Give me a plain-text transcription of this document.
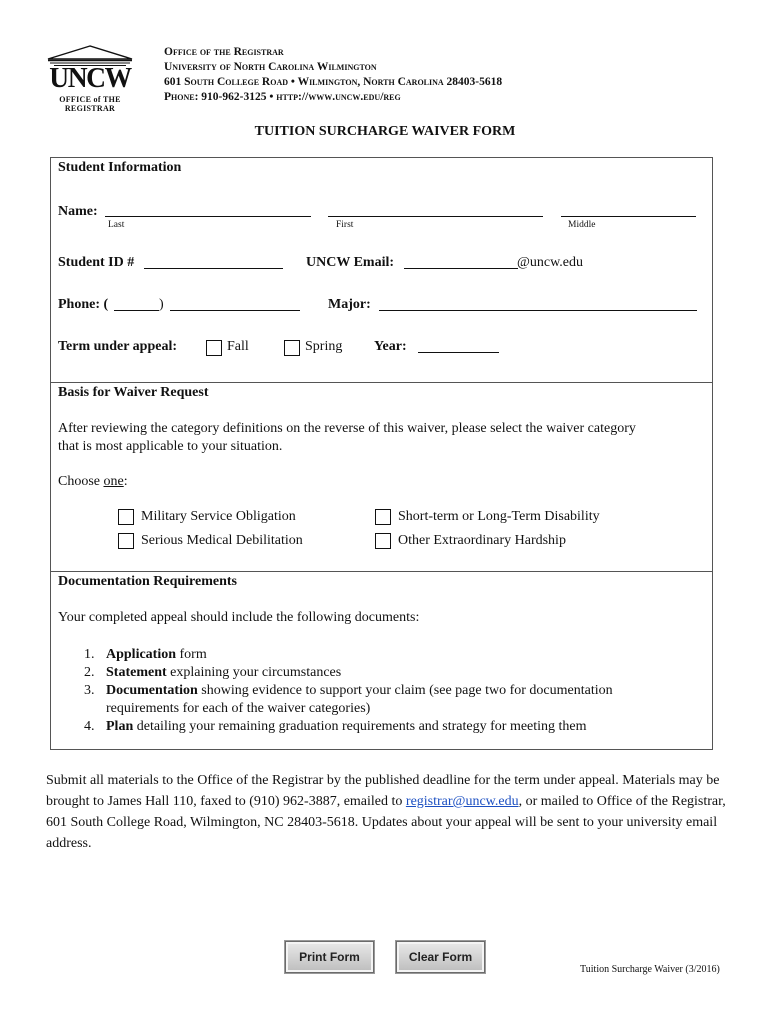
UNCW
OFFICE of THE REGISTRAR
Office of the Registrar
University of North Carolina Wilmington
601 South College Road • Wilmington, North Carolina 28403-5618
Phone: 910-962-3125 • http://www.uncw.edu/reg
TUITION SURCHARGE WAIVER FORM
Student Information
Name:
Last	First	Middle
Student ID #	UNCW Email:	@uncw.edu
Phone: (	)	Major:
Term under appeal:	Fall	Spring Year:
Basis for Waiver Request
After reviewing the category definitions on the reverse of this waiver, please select the waiver category
that is most applicable to your situation.
Choose one:
Military Service Obligation
Serious Medical Debilitation
Short-term or Long-Term Disability
Other Extraordinary Hardship
Documentation Requirements
Your completed appeal should include the following documents:
1. Application form
2. Statement explaining your circumstances
3. Documentation showing evidence to support your claim (see page two for documentation
requirements for each of the waiver categories)
4. Plan detailing your remaining graduation requirements and strategy for meeting them
Submit all materials to the Office of the Registrar by the published deadline for the term under appeal. Materials may be brought to James Hall 110, faxed to (910) 962-3887, emailed to registrar@uncw.edu, or mailed to Office of the Registrar, 601 South College Road, Wilmington, NC 28403-5618. Updates about your appeal will be sent to your university email address.
Print Form	Clear Form
Tuition Surcharge Waiver (3/2016)
